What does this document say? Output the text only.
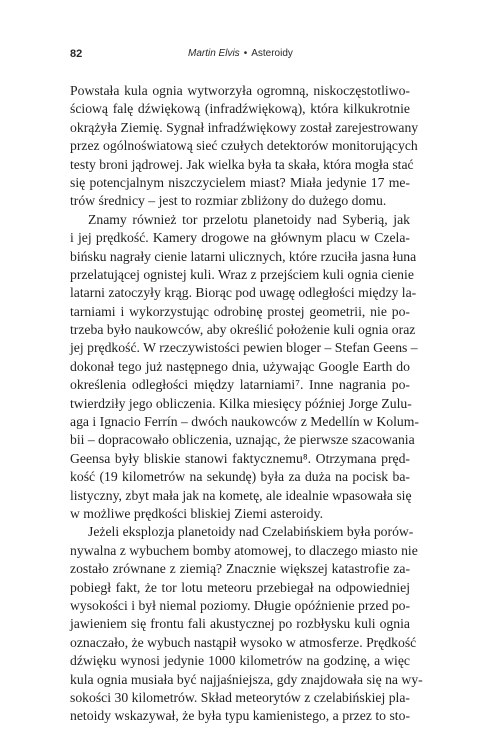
82	Martin Elvis • Asteroidy

Powstała kula ognia wytworzyła ogromną, niskoczęstotliwo-
ściową falę dźwiękową (infradźwiękową), która kilkukrotnie
okrążyła Ziemię. Sygnał infradźwiękowy został zarejestrowany
przez ogólnoświatową sieć czułych detektorów monitorujących
testy broni jądrowej. Jak wielka była ta skała, która mogła stać
się potencjalnym niszczycielem miast? Miała jedynie 17 me-
trów średnicy – jest to rozmiar zbliżony do dużego domu.

Znamy również tor przelotu planetoidy nad Syberią, jak
i jej prędkość. Kamery drogowe na głównym placu w Czela-
bińsku nagrały cienie latarni ulicznych, które rzuciła jasna łuna
przelatującej ognistej kuli. Wraz z przejściem kuli ognia cienie
latarni zatoczyły krąg. Biorąc pod uwagę odległości między la-
tarniami i wykorzystując odrobinę prostej geometrii, nie po-
trzeba było naukowców, aby określić położenie kuli ognia oraz
jej prędkość. W rzeczywistości pewien bloger – Stefan Geens –
dokonał tego już następnego dnia, używając Google Earth do
określenia odległości między latarniami⁷. Inne nagrania po-
twierdziły jego obliczenia. Kilka miesięcy później Jorge Zulu-
aga i Ignacio Ferrín – dwóch naukowców z Medellín w Kolum-
bii – dopracowało obliczenia, uznając, że pierwsze szacowania
Geensa były bliskie stanowi faktycznemu⁸. Otrzymana pręd-
kość (19 kilometrów na sekundę) była za duża na pocisk ba-
listyczny, zbyt mała jak na kometę, ale idealnie wpasowała się
w możliwe prędkości bliskiej Ziemi asteroidy.

Jeżeli eksplozja planetoidy nad Czelabińskiem była porów-
nywalna z wybuchem bomby atomowej, to dlaczego miasto nie
zostało zrównane z ziemią? Znacznie większej katastrofie za-
pobiegł fakt, że tor lotu meteoru przebiegał na odpowiedniej
wysokości i był niemal poziomy. Długie opóźnienie przed po-
jawieniem się frontu fali akustycznej po rozbłysku kuli ognia
oznaczało, że wybuch nastąpił wysoko w atmosferze. Prędkość
dźwięku wynosi jedynie 1000 kilometrów na godzinę, a więc
kula ognia musiała być najjaśniejsza, gdy znajdowała się na wy-
sokości 30 kilometrów. Skład meteorytów z czelabińskiej pla-
netoidy wskazywał, że była typu kamienistego, a przez to sto-
